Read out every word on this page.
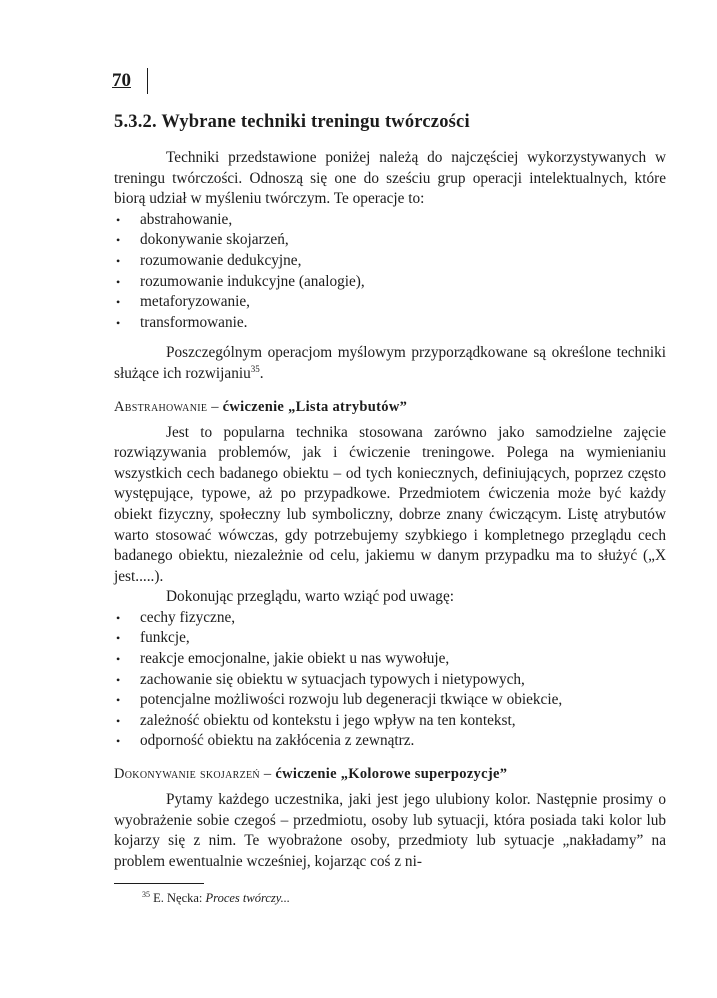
70
5.3.2. Wybrane techniki treningu twórczości

Techniki przedstawione poniżej należą do najczęściej wykorzystywanych w treningu twórczości. Odnoszą się one do sześciu grup operacji intelektualnych, które biorą udział w myśleniu twórczym. Te operacje to:

• abstrahowanie,
• dokonywanie skojarzeń,
• rozumowanie dedukcyjne,
• rozumowanie indukcyjne (analogie),
• metaforyzowanie,
• transformowanie.

Poszczególnym operacjom myślowym przyporządkowane są określone techniki służące ich rozwijaniu$^{35}$.

Abstrahowanie – ćwiczenie „Lista atrybutów”

Jest to popularna technika stosowana zarówno jako samodzielne zajęcie rozwiązywania problemów, jak i ćwiczenie treningowe. Polega na wymienianiu wszystkich cech badanego obiektu – od tych koniecznych, definiujących, poprzez często występujące, typowe, aż po przypadkowe. Przedmiotem ćwiczenia może być każdy obiekt fizyczny, społeczny lub symboliczny, dobrze znany ćwiczącym. Listę atrybutów warto stosować wówczas, gdy potrzebujemy szybkiego i kompletnego przeglądu cech badanego obiektu, niezależnie od celu, jakiemu w danym przypadku ma to służyć („X jest.....).

Dokonując przeglądu, warto wziąć pod uwagę:

• cechy fizyczne,
• funkcje,
• reakcje emocjonalne, jakie obiekt u nas wywołuje,
• zachowanie się obiektu w sytuacjach typowych i nietypowych,
• potencjalne możliwości rozwoju lub degeneracji tkwiące w obiekcie,
• zależność obiektu od kontekstu i jego wpływ na ten kontekst,
• odporność obiektu na zakłócenia z zewnątrz.
Dokonywanie skojarzeń – ćwiczenie „Kolorowe superpozycje”

Pytamy każdego uczestnika, jaki jest jego ulubiony kolor. Następnie prosimy o wyobrażenie sobie czegoś – przedmiotu, osoby lub sytuacji, która posiada taki kolor lub kojarzy się z nim. Te wyobrażone osoby, przedmioty lub sytuacje „nakładamy” na problem ewentualnie wcześniej, kojarząc coś z ni-

$^{35}$ E. Nęcka: Proces twórczy...
